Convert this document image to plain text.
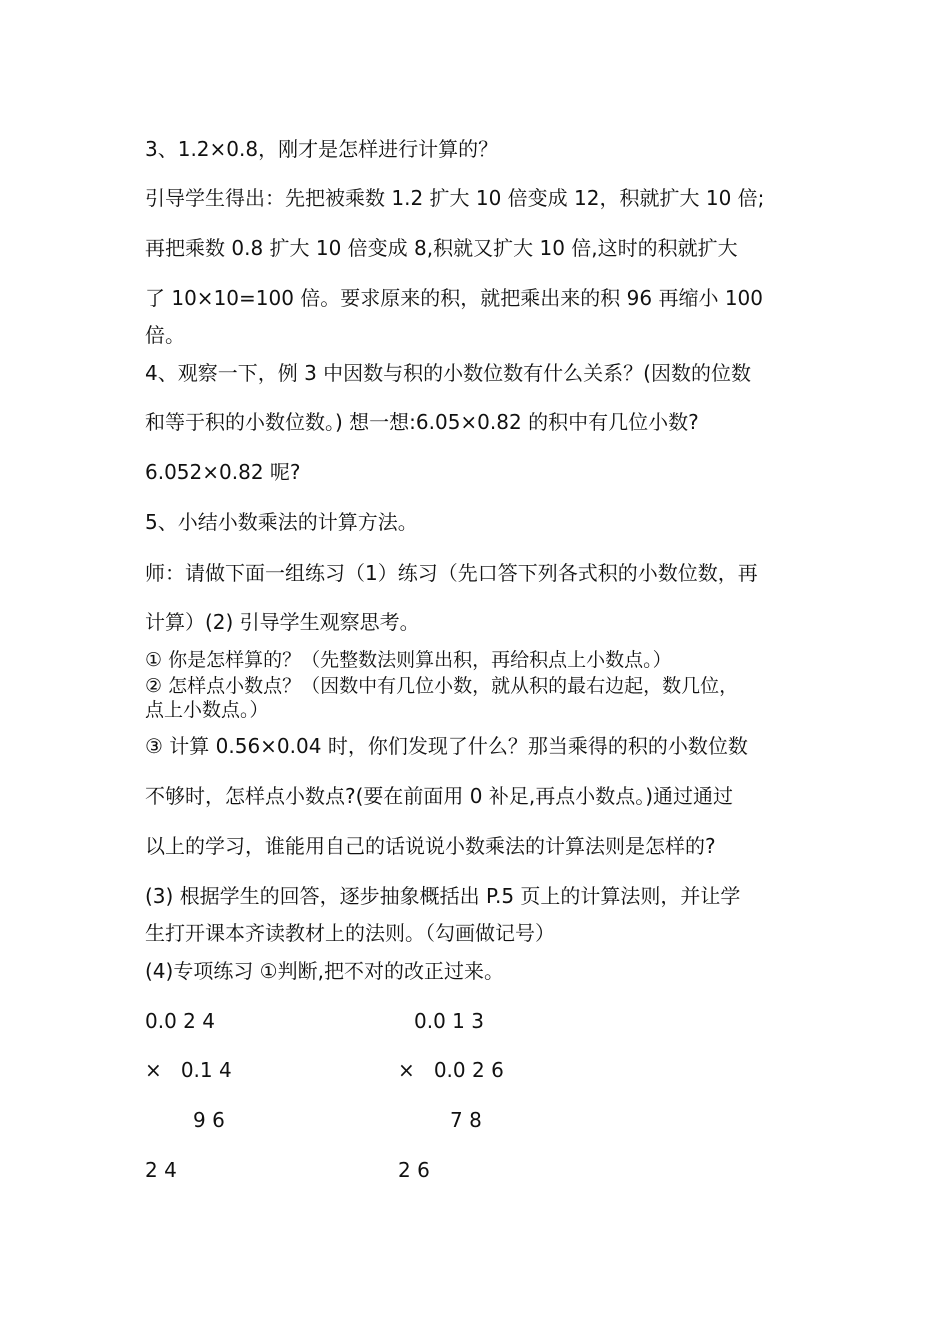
3、1.2×0.8，刚才是怎样进行计算的？
引导学生得出：先把被乘数 1.2 扩大 10 倍变成 12，积就扩大 10 倍;
再把乘数 0.8 扩大 10 倍变成 8,积就又扩大 10 倍,这时的积就扩大
了 10×10=100 倍。要求原来的积，就把乘出来的积 96 再缩小 100
倍。
4、观察一下，例 3 中因数与积的小数位数有什么关系？(因数的位数
和等于积的小数位数。) 想一想:6.05×0.82 的积中有几位小数?
6.052×0.82 呢?
5、小结小数乘法的计算方法。
师：请做下面一组练习（1）练习（先口答下列各式积的小数位数，再
计算）(2) 引导学生观察思考。
① 你是怎样算的？（先整数法则算出积，再给积点上小数点。）
② 怎样点小数点？（因数中有几位小数，就从积的最右边起，数几位，
点上小数点。）
③ 计算 0.56×0.04 时，你们发现了什么？那当乘得的积的小数位数
不够时，怎样点小数点?(要在前面用 0 补足,再点小数点。)通过通过
以上的学习，谁能用自己的话说说小数乘法的计算法则是怎样的?
(3) 根据学生的回答，逐步抽象概括出 P.5 页上的计算法则，并让学
生打开课本齐读教材上的法则。（勾画做记号）
(4)专项练习 ①判断,把不对的改正过来。
0.0 2 4
×   0.1 4
9 6
2 4
0.0 1 3
×   0.0 2 6
7 8
2 6
